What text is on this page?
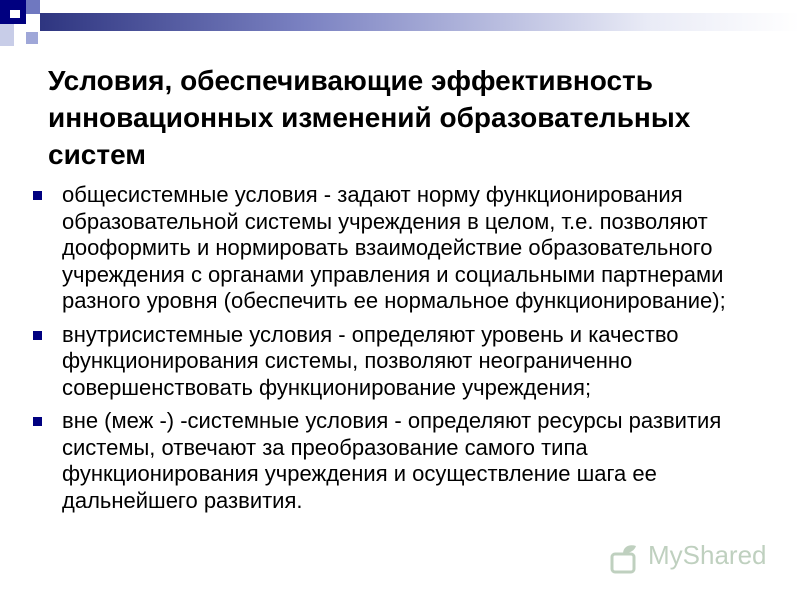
Условия, обеспечивающие эффективность инновационных изменений образовательных систем
общесистемные условия - задают норму функционирования образовательной системы учреждения в целом, т.е. позволяют дооформить и нормировать взаимодействие образовательного учреждения с органами управления и социальными партнерами разного уровня (обеспечить ее нормальное функционирование);
внутрисистемные условия - определяют уровень и качество функционирования системы, позволяют неограниченно совершенствовать функционирование учреждения;
вне (меж -) -системные условия - определяют ресурсы развития системы, отвечают за преобразование самого типа функционирования учреждения и осуществление шага ее дальнейшего развития.
MyShared
